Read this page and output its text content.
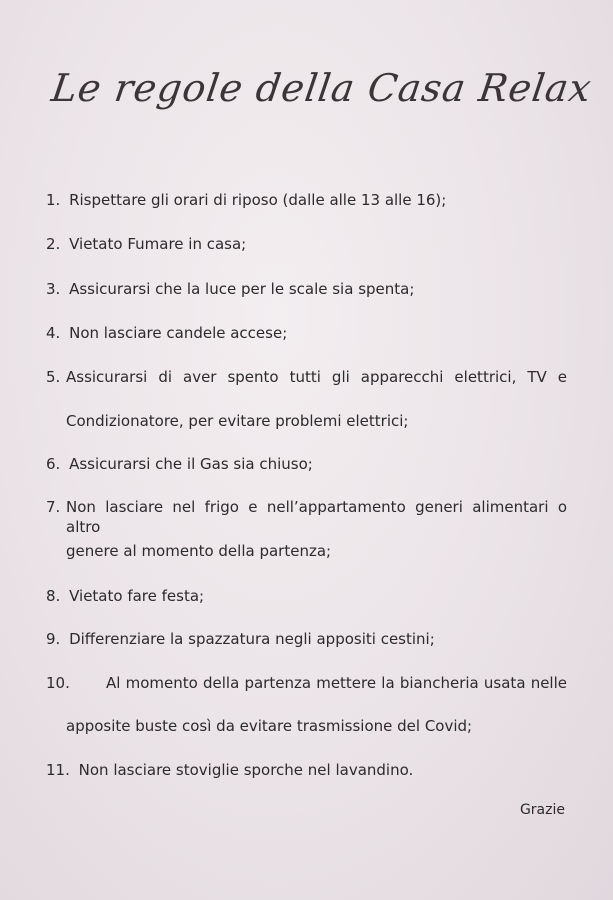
Le regole della Casa Relax
1. Rispettare gli orari di riposo (dalle alle 13 alle 16);
2. Vietato Fumare in casa;
3. Assicurarsi che la luce per le scale sia spenta;
4. Non lasciare candele accese;
5. Assicurarsi di aver spento tutti gli apparecchi elettrici, TV e
Condizionatore, per evitare problemi elettrici;
6. Assicurarsi che il Gas sia chiuso;
7. Non lasciare nel frigo e nell’appartamento generi alimentari o altro
genere al momento della partenza;
8. Vietato fare festa;
9. Differenziare la spazzatura negli appositi cestini;
10. Al momento della partenza mettere la biancheria usata nelle
apposite buste così da evitare trasmissione del Covid;
11. Non lasciare stoviglie sporche nel lavandino.
Grazie
